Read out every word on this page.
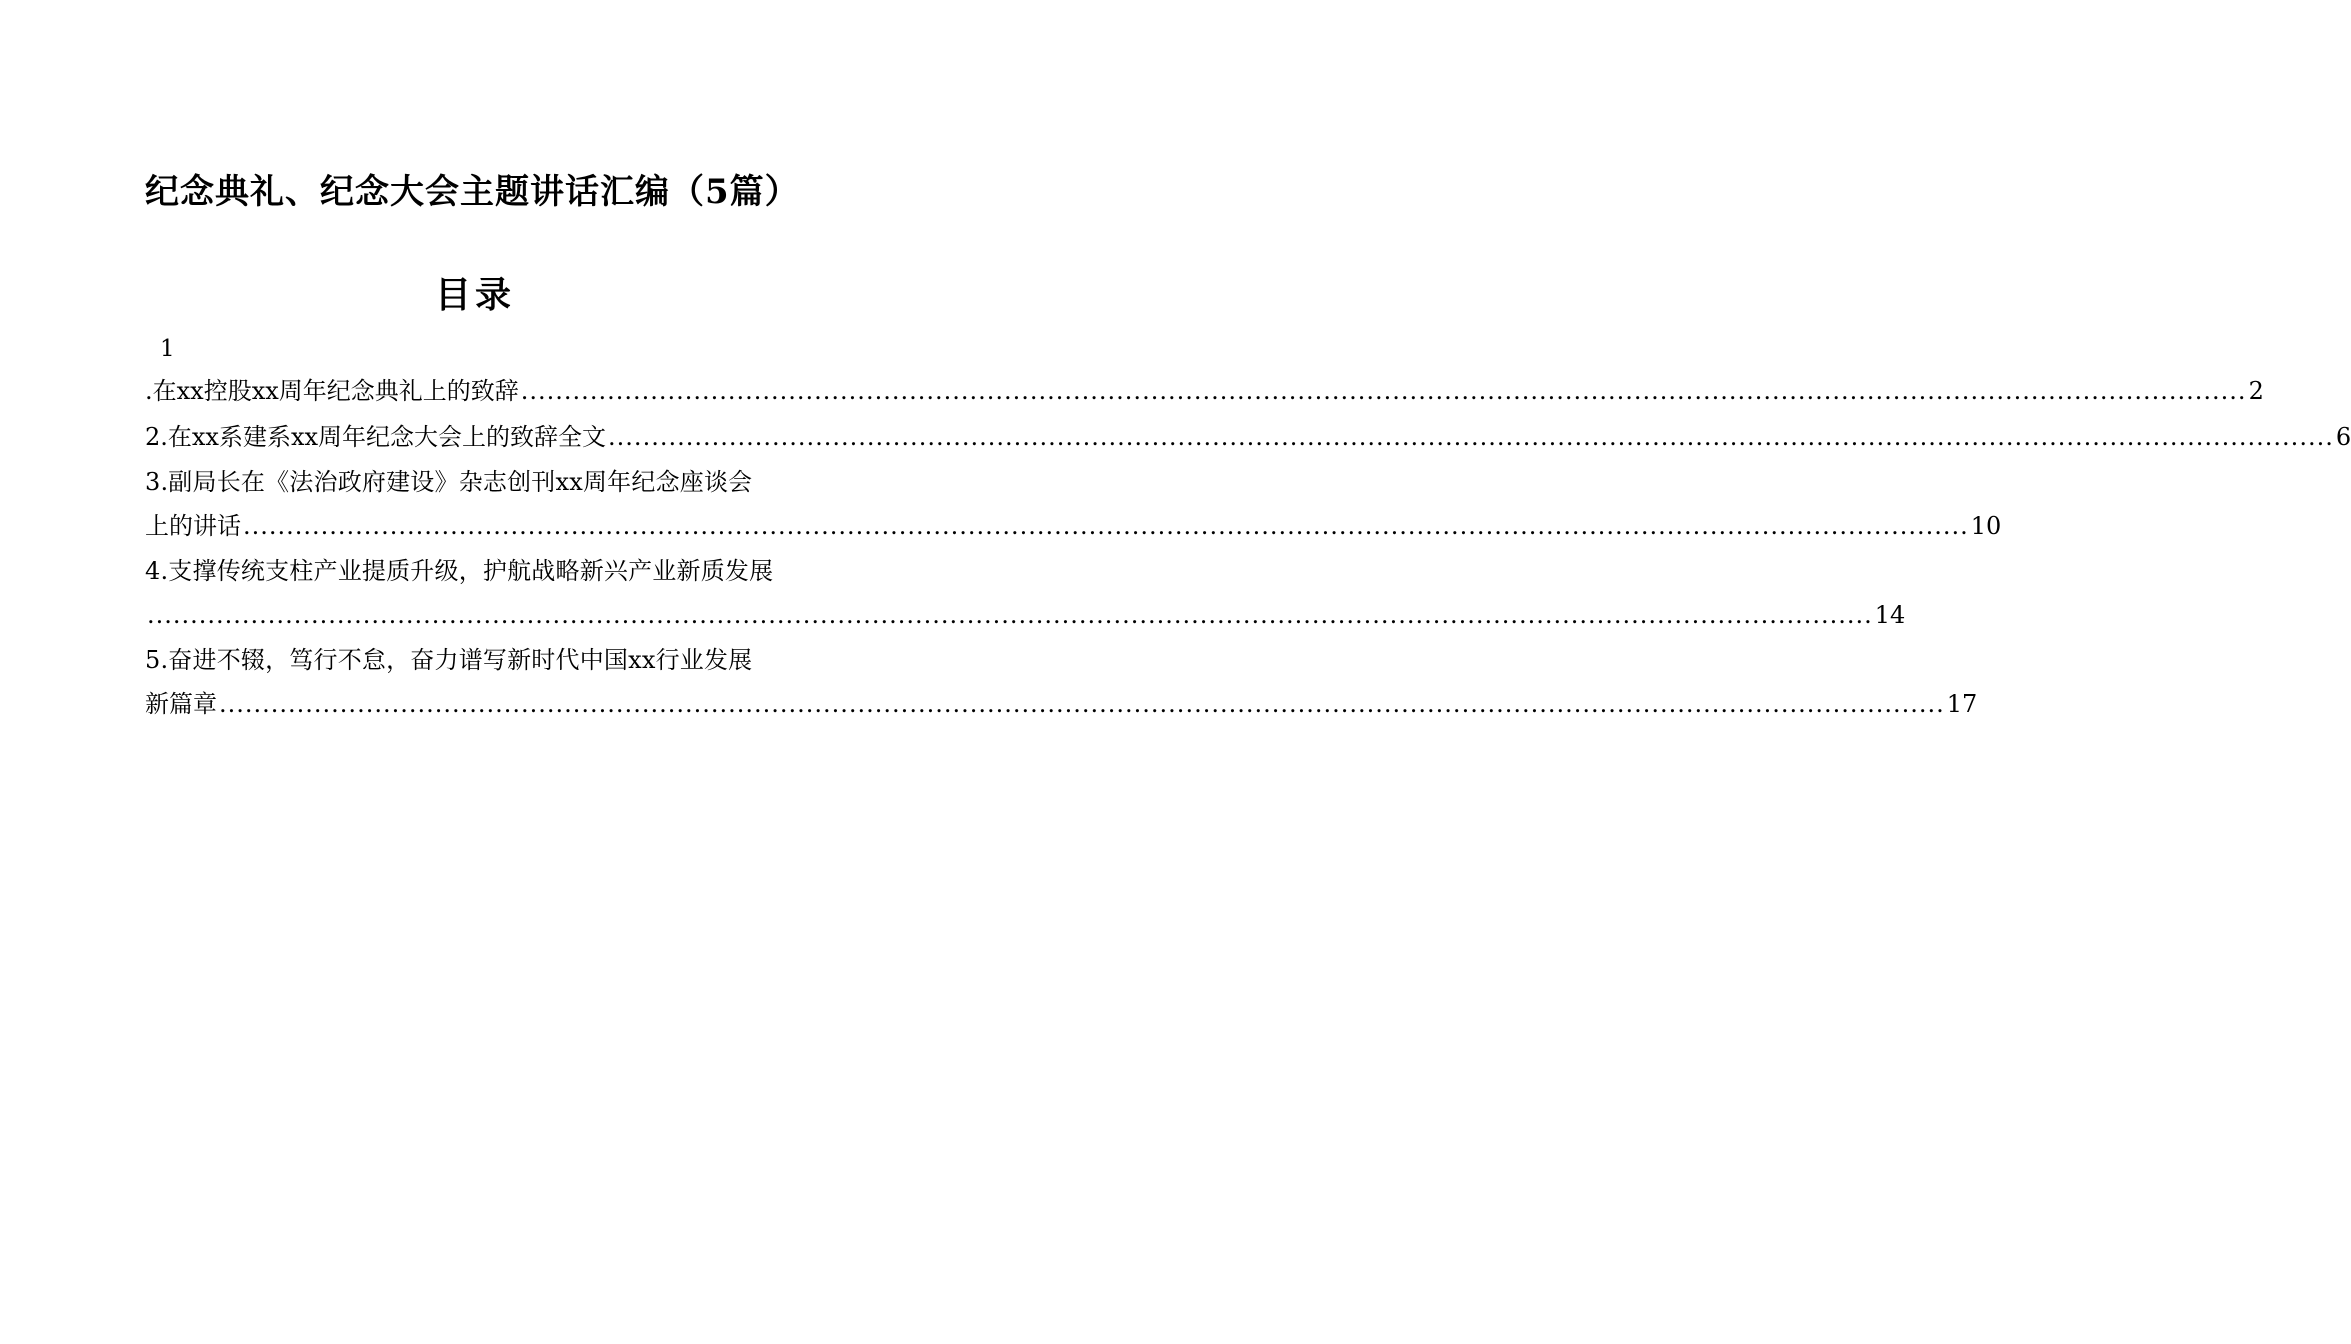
纪念典礼、纪念大会主题讲话汇编（5篇）
目录
1
.在xx控股xx周年纪念典礼上的致辞 ........................................................................................................................................................................................................ 2
2.在xx系建系xx周年纪念大会上的致辞全文 ........................................................................................................................................................................................................ 6
3.副局长在《法治政府建设》杂志创刊xx周年纪念座谈会
上的讲话 ........................................................................................................................................................................................................ 10
4.支撑传统支柱产业提质升级，护航战略新兴产业新质发展
........................................................................................................................................................................................................ 14
5.奋进不辍，笃行不怠，奋力谱写新时代中国xx行业发展
新篇章 ........................................................................................................................................................................................................ 17
